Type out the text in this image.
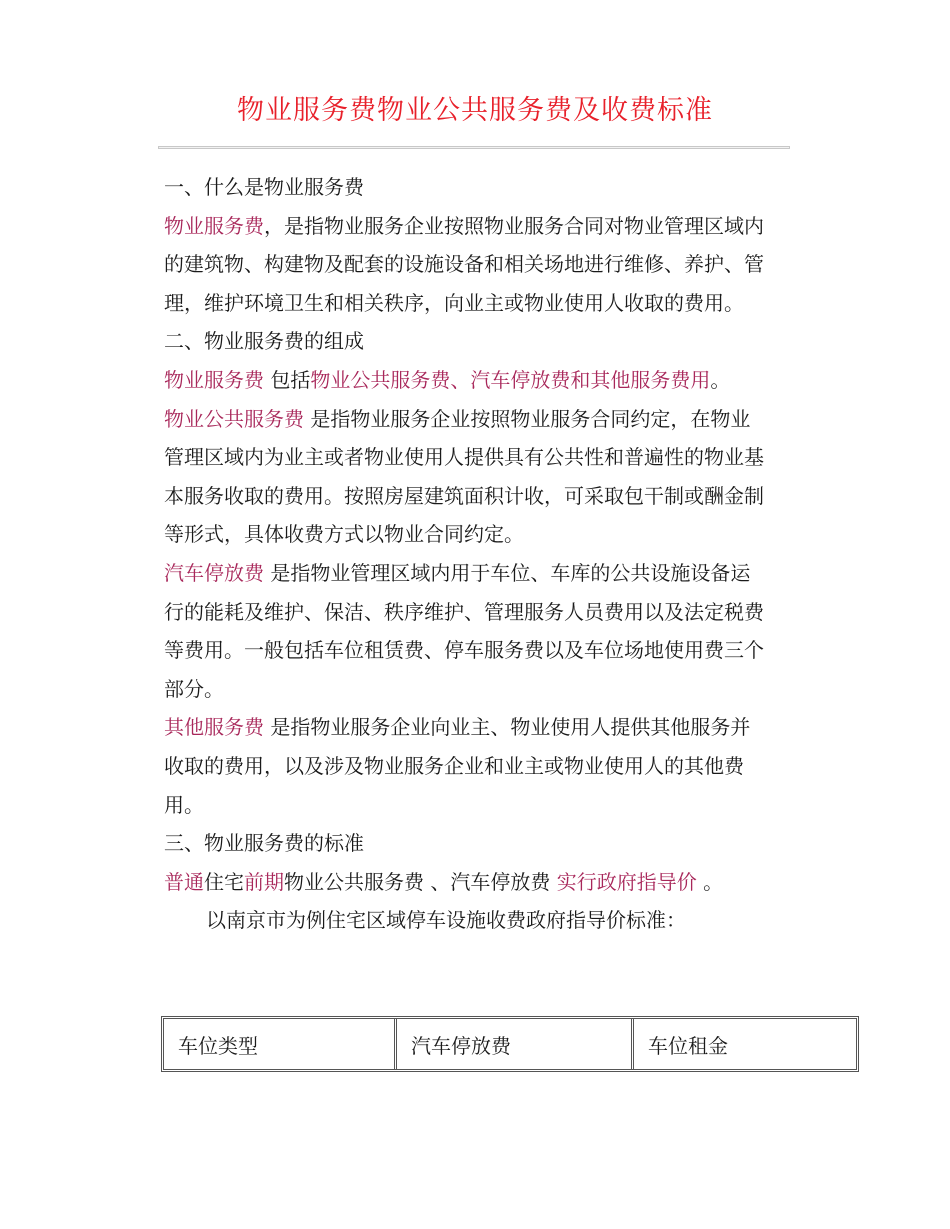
物业服务费物业公共服务费及收费标准

一、什么是物业服务费

物业服务费，是指物业服务企业按照物业服务合同对物业管理区域内的建筑物、构建物及配套的设施设备和相关场地进行维修、养护、管理，维护环境卫生和相关秩序，向业主或物业使用人收取的费用。

二、物业服务费的组成

物业服务费 包括物业公共服务费、汽车停放费和其他服务费用。

物业公共服务费 是指物业服务企业按照物业服务合同约定，在物业管理区域内为业主或者物业使用人提供具有公共性和普遍性的物业基本服务收取的费用。按照房屋建筑面积计收，可采取包干制或酬金制等形式，具体收费方式以物业合同约定。

汽车停放费 是指物业管理区域内用于车位、车库的公共设施设备运行的能耗及维护、保洁、秩序维护、管理服务人员费用以及法定税费等费用。一般包括车位租赁费、停车服务费以及车位场地使用费三个部分。

其他服务费 是指物业服务企业向业主、物业使用人提供其他服务并收取的费用，以及涉及物业服务企业和业主或物业使用人的其他费用。

三、物业服务费的标准

普通住宅前期物业公共服务费 、汽车停放费 实行政府指导价 。

以南京市为例住宅区域停车设施收费政府指导价标准：

车位类型	汽车停放费	车位租金
